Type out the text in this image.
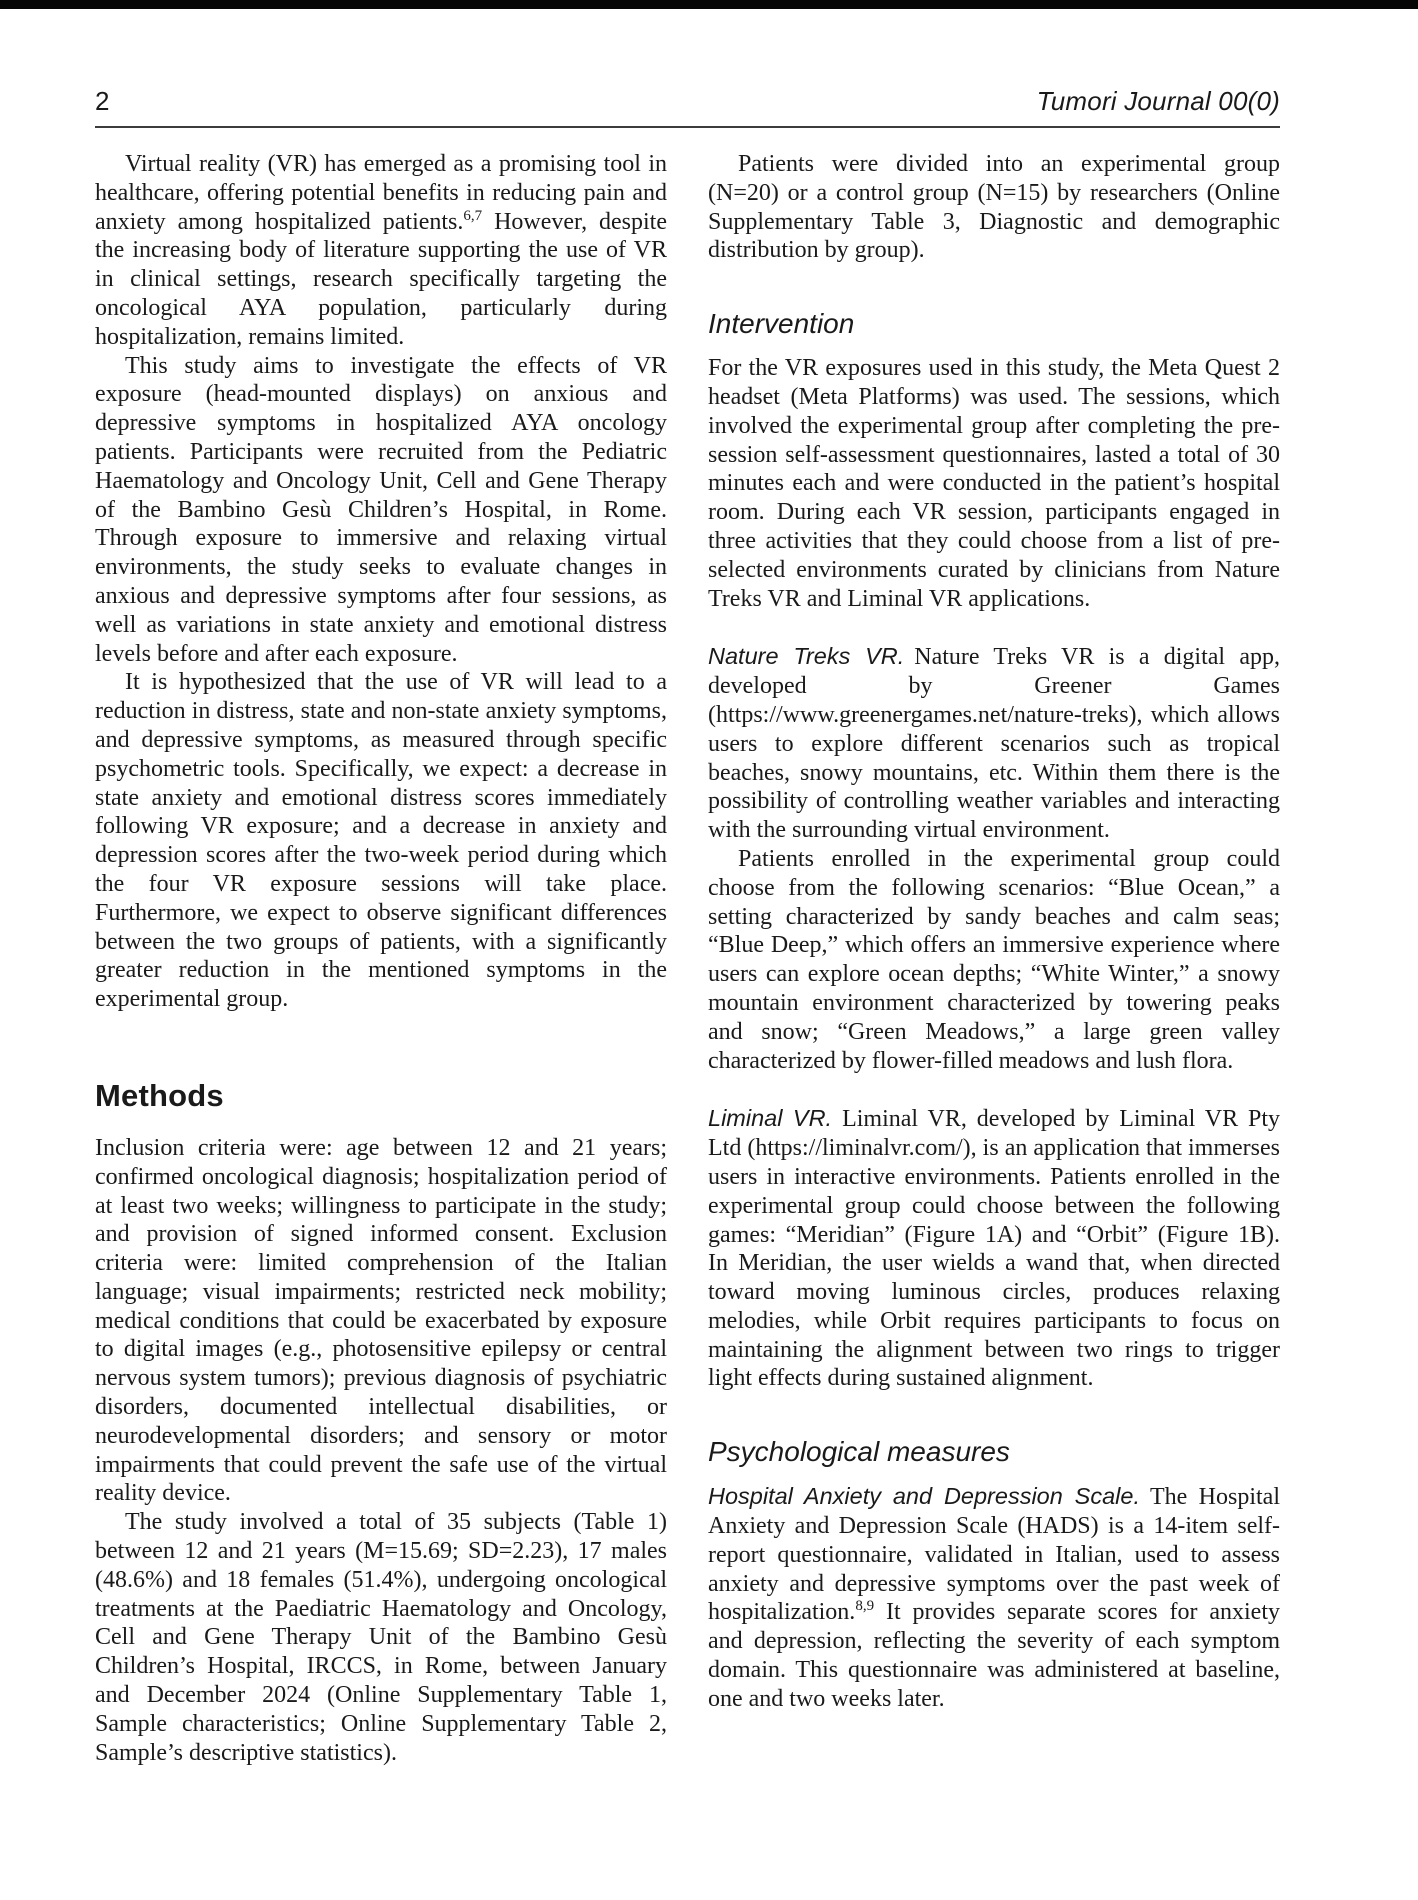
2	Tumori Journal 00(0)

Virtual reality (VR) has emerged as a promising tool in healthcare, offering potential benefits in reducing pain and anxiety among hospitalized patients.$^{6,7}$ However, despite the increasing body of literature supporting the use of VR in clinical settings, research specifically targeting the oncological AYA population, particularly during hospitalization, remains limited.

This study aims to investigate the effects of VR exposure (head-mounted displays) on anxious and depressive symptoms in hospitalized AYA oncology patients. Participants were recruited from the Pediatric Haematology and Oncology Unit, Cell and Gene Therapy of the Bambino Gesù Children’s Hospital, in Rome. Through exposure to immersive and relaxing virtual environments, the study seeks to evaluate changes in anxious and depressive symptoms after four sessions, as well as variations in state anxiety and emotional distress levels before and after each exposure.

It is hypothesized that the use of VR will lead to a reduction in distress, state and non-state anxiety symptoms, and depressive symptoms, as measured through specific psychometric tools. Specifically, we expect: a decrease in state anxiety and emotional distress scores immediately following VR exposure; and a decrease in anxiety and depression scores after the two-week period during which the four VR exposure sessions will take place. Furthermore, we expect to observe significant differences between the two groups of patients, with a significantly greater reduction in the mentioned symptoms in the experimental group.

Methods

Inclusion criteria were: age between 12 and 21 years; confirmed oncological diagnosis; hospitalization period of at least two weeks; willingness to participate in the study; and provision of signed informed consent. Exclusion criteria were: limited comprehension of the Italian language; visual impairments; restricted neck mobility; medical conditions that could be exacerbated by exposure to digital images (e.g., photosensitive epilepsy or central nervous system tumors); previous diagnosis of psychiatric disorders, documented intellectual disabilities, or neurodevelopmental disorders; and sensory or motor impairments that could prevent the safe use of the virtual reality device.

The study involved a total of 35 subjects (Table 1) between 12 and 21 years (M=15.69; SD=2.23), 17 males (48.6%) and 18 females (51.4%), undergoing oncological treatments at the Paediatric Haematology and Oncology, Cell and Gene Therapy Unit of the Bambino Gesù Children’s Hospital, IRCCS, in Rome, between January and December 2024 (Online Supplementary Table 1, Sample characteristics; Online Supplementary Table 2, Sample’s descriptive statistics).

Patients were divided into an experimental group (N=20) or a control group (N=15) by researchers (Online Supplementary Table 3, Diagnostic and demographic distribution by group).

Intervention

For the VR exposures used in this study, the Meta Quest 2 headset (Meta Platforms) was used. The sessions, which involved the experimental group after completing the pre-session self-assessment questionnaires, lasted a total of 30 minutes each and were conducted in the patient’s hospital room. During each VR session, participants engaged in three activities that they could choose from a list of pre-selected environments curated by clinicians from Nature Treks VR and Liminal VR applications.

Nature Treks VR. Nature Treks VR is a digital app, developed by Greener Games (https://www.greenergames.net/nature-treks), which allows users to explore different scenarios such as tropical beaches, snowy mountains, etc. Within them there is the possibility of controlling weather variables and interacting with the surrounding virtual environment.

Patients enrolled in the experimental group could choose from the following scenarios: “Blue Ocean,” a setting characterized by sandy beaches and calm seas; “Blue Deep,” which offers an immersive experience where users can explore ocean depths; “White Winter,” a snowy mountain environment characterized by towering peaks and snow; “Green Meadows,” a large green valley characterized by flower-filled meadows and lush flora.

Liminal VR. Liminal VR, developed by Liminal VR Pty Ltd (https://liminalvr.com/), is an application that immerses users in interactive environments. Patients enrolled in the experimental group could choose between the following games: “Meridian” (Figure 1A) and “Orbit” (Figure 1B). In Meridian, the user wields a wand that, when directed toward moving luminous circles, produces relaxing melodies, while Orbit requires participants to focus on maintaining the alignment between two rings to trigger light effects during sustained alignment.

Psychological measures

Hospital Anxiety and Depression Scale. The Hospital Anxiety and Depression Scale (HADS) is a 14-item self-report questionnaire, validated in Italian, used to assess anxiety and depressive symptoms over the past week of hospitalization.$^{8,9}$ It provides separate scores for anxiety and depression, reflecting the severity of each symptom domain. This questionnaire was administered at baseline, one and two weeks later.
